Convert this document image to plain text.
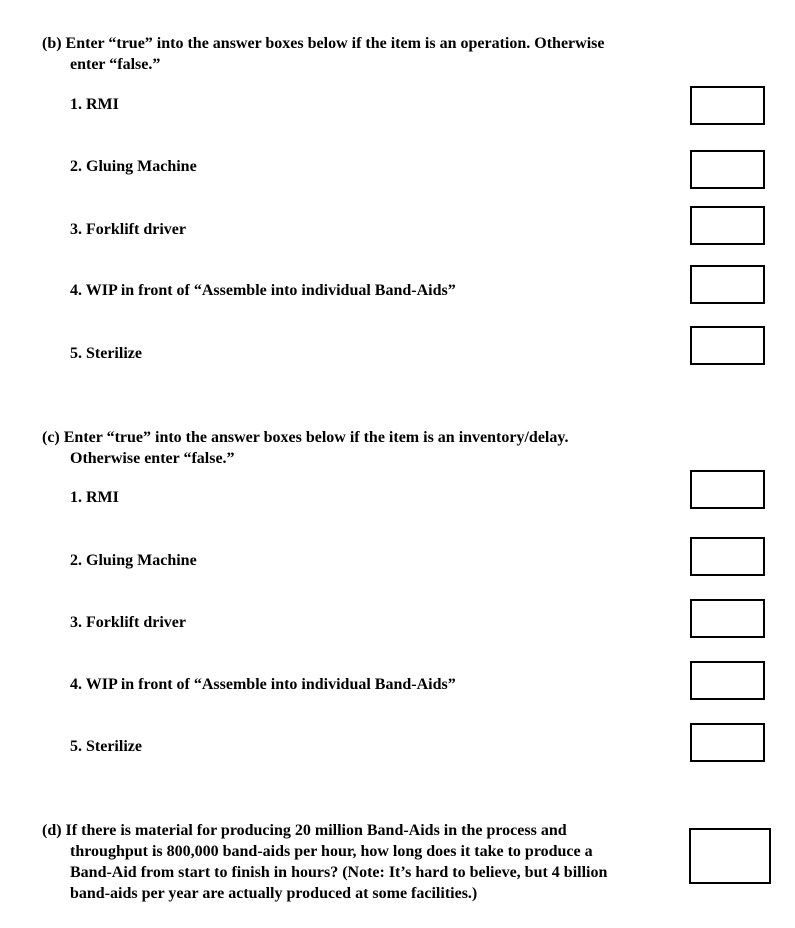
(b) Enter “true” into the answer boxes below if the item is an operation. Otherwise
enter “false.”

1. RMI

2. Gluing Machine

3. Forklift driver

4. WIP in front of “Assemble into individual Band-Aids”

5. Sterilize

(c) Enter “true” into the answer boxes below if the item is an inventory/delay.
Otherwise enter “false.”

1. RMI

2. Gluing Machine

3. Forklift driver

4. WIP in front of “Assemble into individual Band-Aids”

5. Sterilize

(d) If there is material for producing 20 million Band-Aids in the process and
throughput is 800,000 band-aids per hour, how long does it take to produce a
Band-Aid from start to finish in hours? (Note: It’s hard to believe, but 4 billion
band-aids per year are actually produced at some facilities.)
